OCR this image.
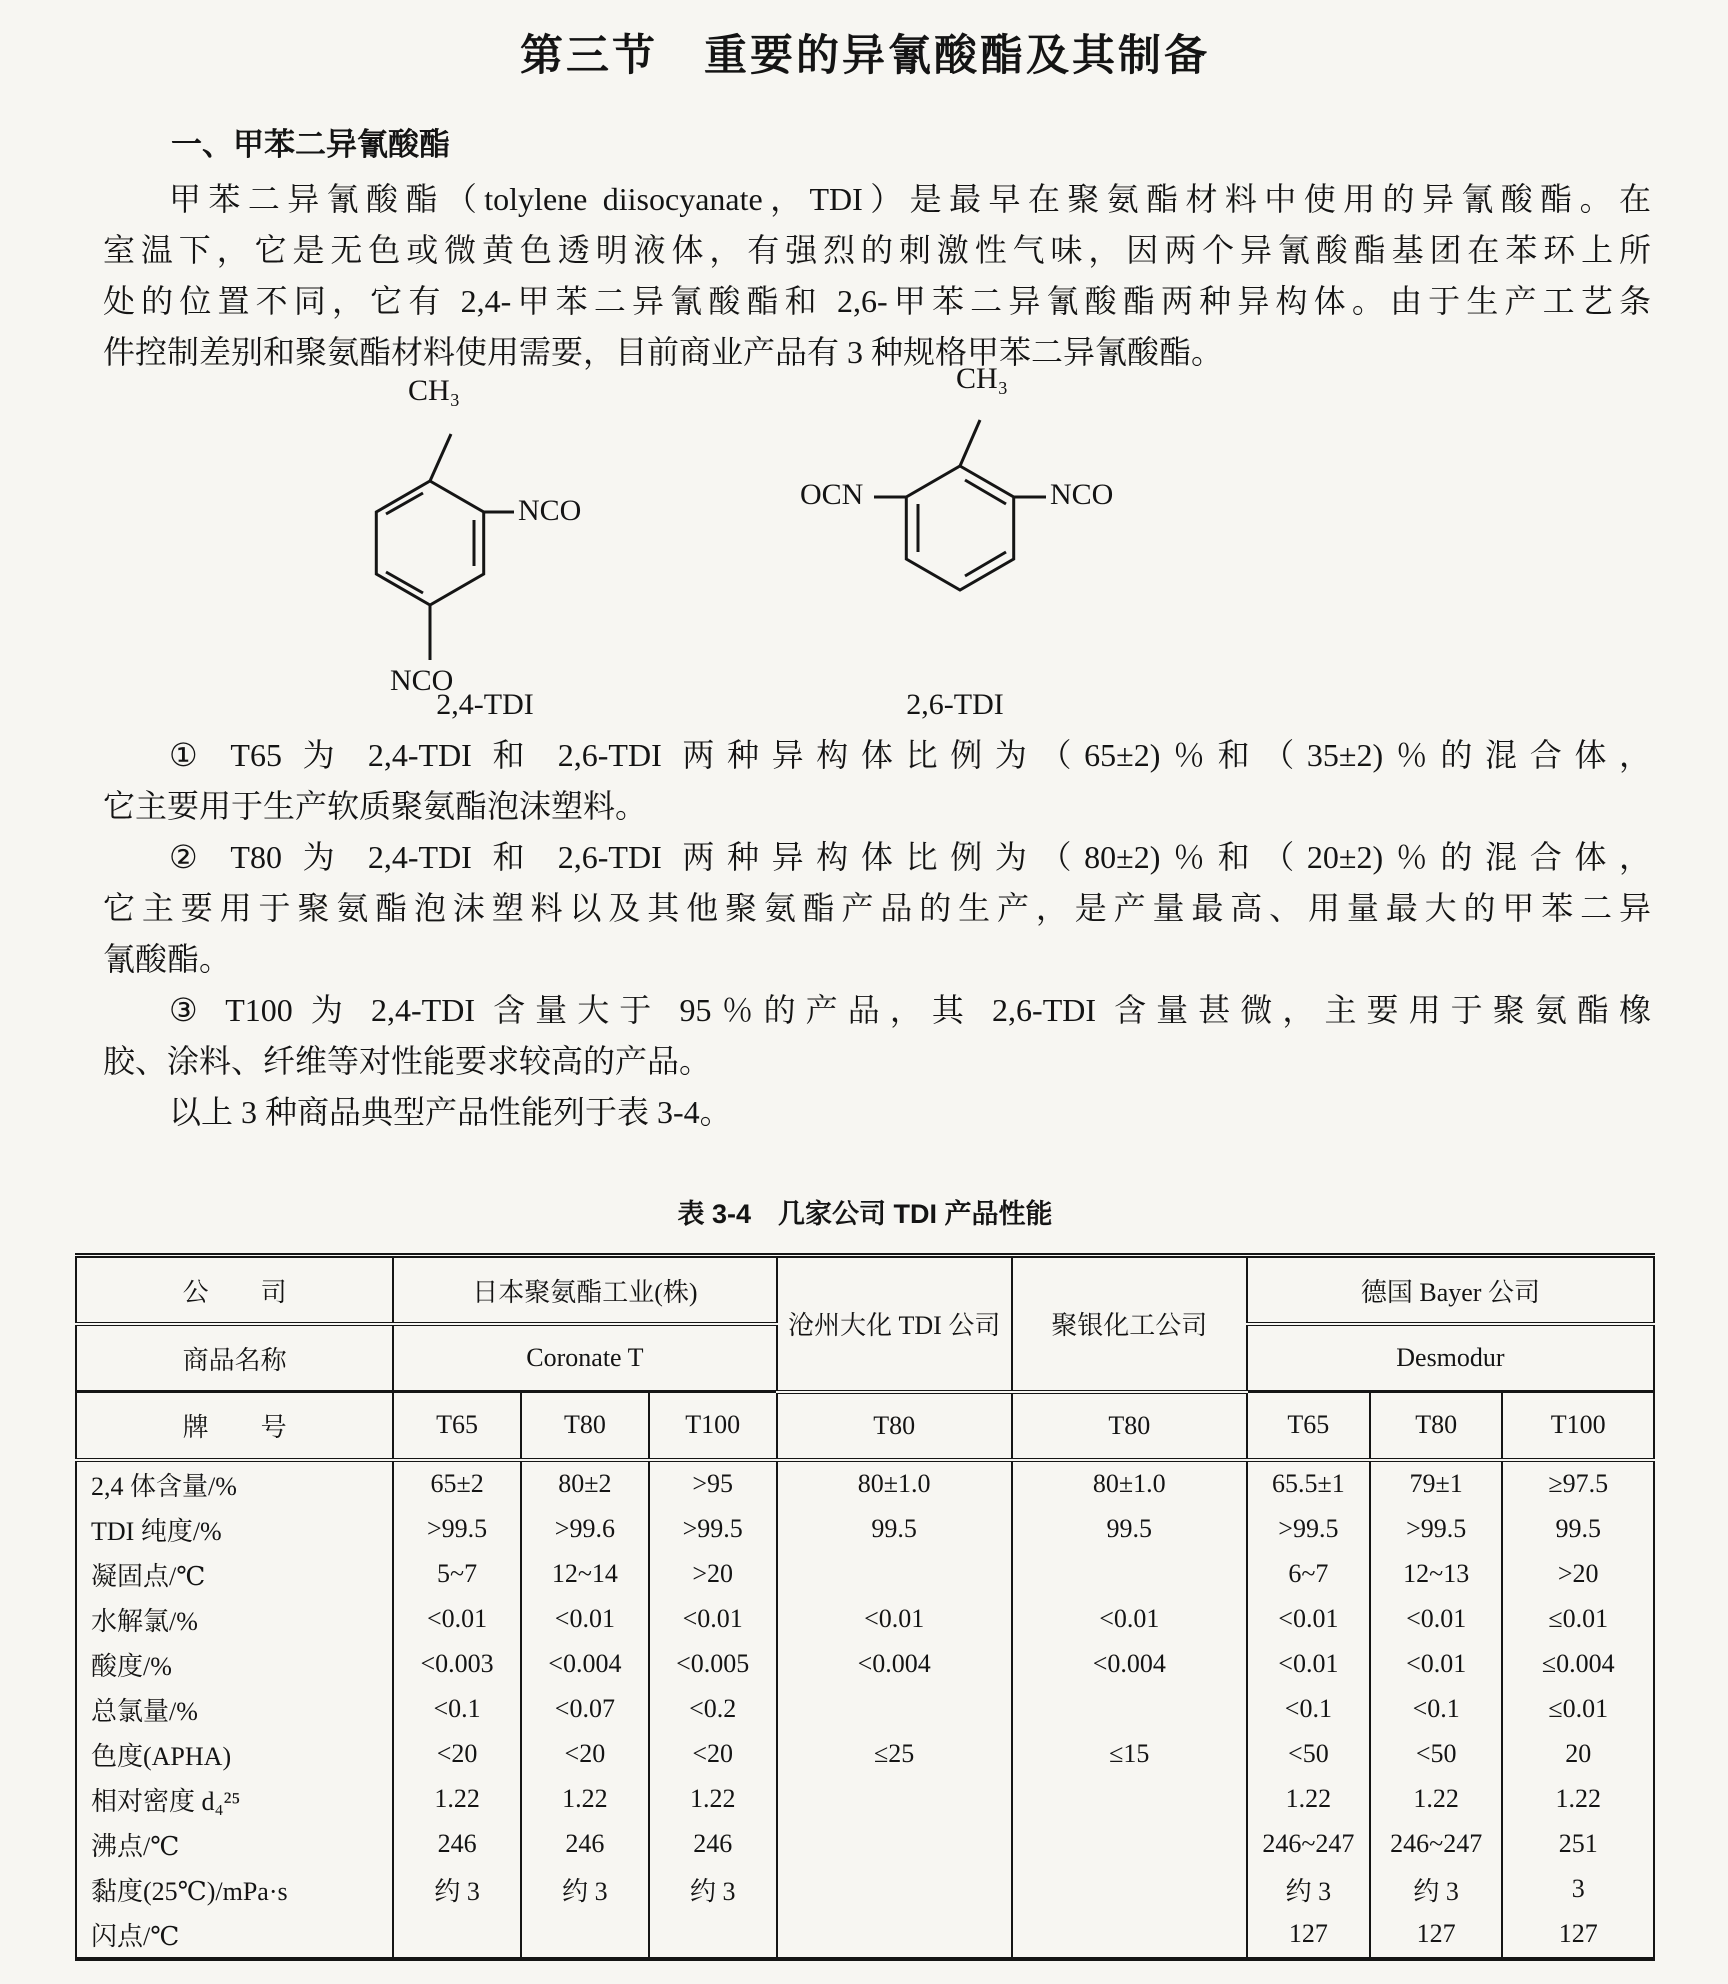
第三节　重要的异氰酸酯及其制备
一、甲苯二异氰酸酯
甲苯二异氰酸酯（tolylene diisocyanate，TDI）是最早在聚氨酯材料中使用的异氰酸酯。在
室温下，它是无色或微黄色透明液体，有强烈的刺激性气味，因两个异氰酸酯基团在苯环上所
处的位置不同，它有 2,4-甲苯二异氰酸酯和 2,6-甲苯二异氰酸酯两种异构体。由于生产工艺条
件控制差别和聚氨酯材料使用需要，目前商业产品有 3 种规格甲苯二异氰酸酯。
CH₃
NCO
NCO
CH₃
OCN	NCO
2,4-TDI	2,6-TDI
① T65 为 2,4-TDI 和 2,6-TDI 两种异构体比例为（65±2)％和（35±2)％的混合体，
它主要用于生产软质聚氨酯泡沫塑料。
② T80 为 2,4-TDI 和 2,6-TDI 两种异构体比例为（80±2)％和（20±2)％的混合体，
它主要用于聚氨酯泡沫塑料以及其他聚氨酯产品的生产，是产量最高、用量最大的甲苯二异
氰酸酯。
③ T100 为 2,4-TDI 含量大于 95％的产品，其 2,6-TDI 含量甚微，主要用于聚氨酯橡
胶、涂料、纤维等对性能要求较高的产品。
以上 3 种商品典型产品性能列于表 3-4。
表 3-4　几家公司 TDI 产品性能
公　　司	日本聚氨酯工业(株)			沧州大化 TDI 公司	聚银化工公司	德国 Bayer 公司		
商品名称	Coronate T					Desmodur		
牌　　号	T65	T80	T100	T80	T80	T65	T80	T100
2,4 体含量/%	65±2	80±2	>95	80±1.0	80±1.0	65.5±1	79±1	≥97.5
TDI 纯度/%	>99.5	>99.6	>99.5	99.5	99.5	>99.5	>99.5	99.5
凝固点/℃	5~7	12~14	>20			6~7	12~13	>20
水解氯/%	<0.01	<0.01	<0.01	<0.01	<0.01	<0.01	<0.01	≤0.01
酸度/%	<0.003	<0.004	<0.005	<0.004	<0.004	<0.01	<0.01	≤0.004
总氯量/%	<0.1	<0.07	<0.2			<0.1	<0.1	≤0.01
色度(APHA)	<20	<20	<20	≤25	≤15	<50	<50	20
相对密度 d₄²⁵	1.22	1.22	1.22			1.22	1.22	1.22
沸点/℃	246	246	246			246~247	246~247	251
黏度(25℃)/mPa·s	约 3	约 3	约 3			约 3	约 3	3
闪点/℃						127	127	127
